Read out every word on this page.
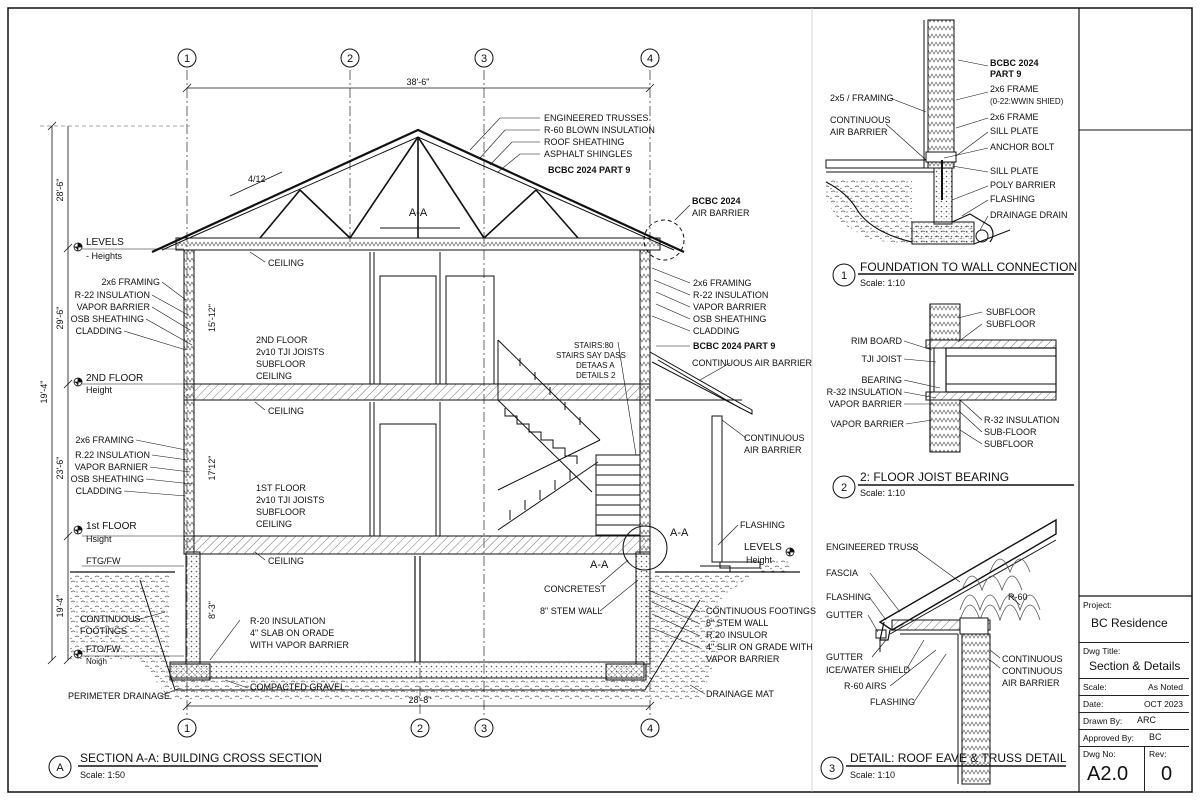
1	2	3	4
1	2	3	4
38'-6"
28'-6"
19'-4"
29'-6"
23'-6"
19'-4"
4/12
A-A
LEVELS
- Heights
2ND FLOOR
Height
1st FLOOR
Hsight
FTG/FW
FTO/FW
Noigh
LEVELS
Height
ENGINEERED TRUSSES
R-60 BLOWN INSULATION
ROOF SHEATHING
ASPHALT SHINGLES
BCBC 2024 PART 9
BCBC 2024
AIR BARRIER
2x6 FRAMING
R-22 INSULATION
VAPOR BARRIER
OSB SHEATHING
CLADDING
2x6 FRAMING
R.22 INSULATION
VAPOR BARNIER
OSB SHEATHING
CLADDING
2x6 FRAMING
R-22 INSULATION
VAPOR BARRIER
OSB SHEATHING
CLADDING
BCBC 2024 PART 9
CONTINUOUS AIR BARRIER
CONTINUOUS
AIR BARRIER
FLASHING
CEILING
CEILING
CEILING
2ND FLOOR
2v10 TJI JOISTS
SUBFLOOR
CEILING
1ST FLOOR
2v10 TJI JOISTS
SUBFLOOR
CEILING
STAIRS:80
STAIRS SAY DASS
DETAAS A
DETAILS 2
15'-12"
17'12"
8'-3"
A-A
A-A
CONCRETEST
8" STEM WALL	CONTINUOUS FOOTINGS
8" STEM WALL
R.20 INSULOR
4" SLIR ON GRADE WITH
VAPOR BARRIER
CONTINUOUS
FOOTINGS
R-20 INSULATION
4" SLAB ON ORADE
WITH VAPOR BARRIER
COMPACTED GRAVEL
PERIMETER DRAINAGE	DRAINAGE MAT
A
SECTION A-A: BUILDING CROSS SECTION
Scale: 1:50
2x5 / FRAMING
CONTINUOUS
AIR BARRIER
BCBC 2024
PART 9
2x6 FRAME
(0-22:WWIN SHIED)
2x6 FRAME
SILL PLATE
ANCHOR BOLT
SILL PLATE
POLY BARRIER
FLASHING
DRAINAGE DRAIN
1
FOUNDATION TO WALL CONNECTION
Scale: 1:10
RIM BOARD
TJI JOIST
BEARING
R-32 INSULATION
VAPOR BARRIER
VAPOR BARRIER
SUBFLOOR
SUBFLOOR
R-32 INSULATION
SUB-FLOOR
SUBFLOOR
2
2: FLOOR JOIST BEARING
Scale: 1:10
ENGINEERED TRUSS
FASCIA
FLASHING
GUTTER
GUTTER
ICE/WATER SHIELD
R-60 AIRS
FLASHING
R-60
CONTINUOUS
CONTINUOUS
AIR BARRIER
3
DETAIL: ROOF EAVE & TRUSS DETAIL
Scale: 1:10
Project:
BC Residence
Dwg Title:
Section & Details
Scale:	As Noted
Date:	OCT 2023
Drawn By: ARC
Approved By: BC
Dwg No:
A2.0
Rev:
0
